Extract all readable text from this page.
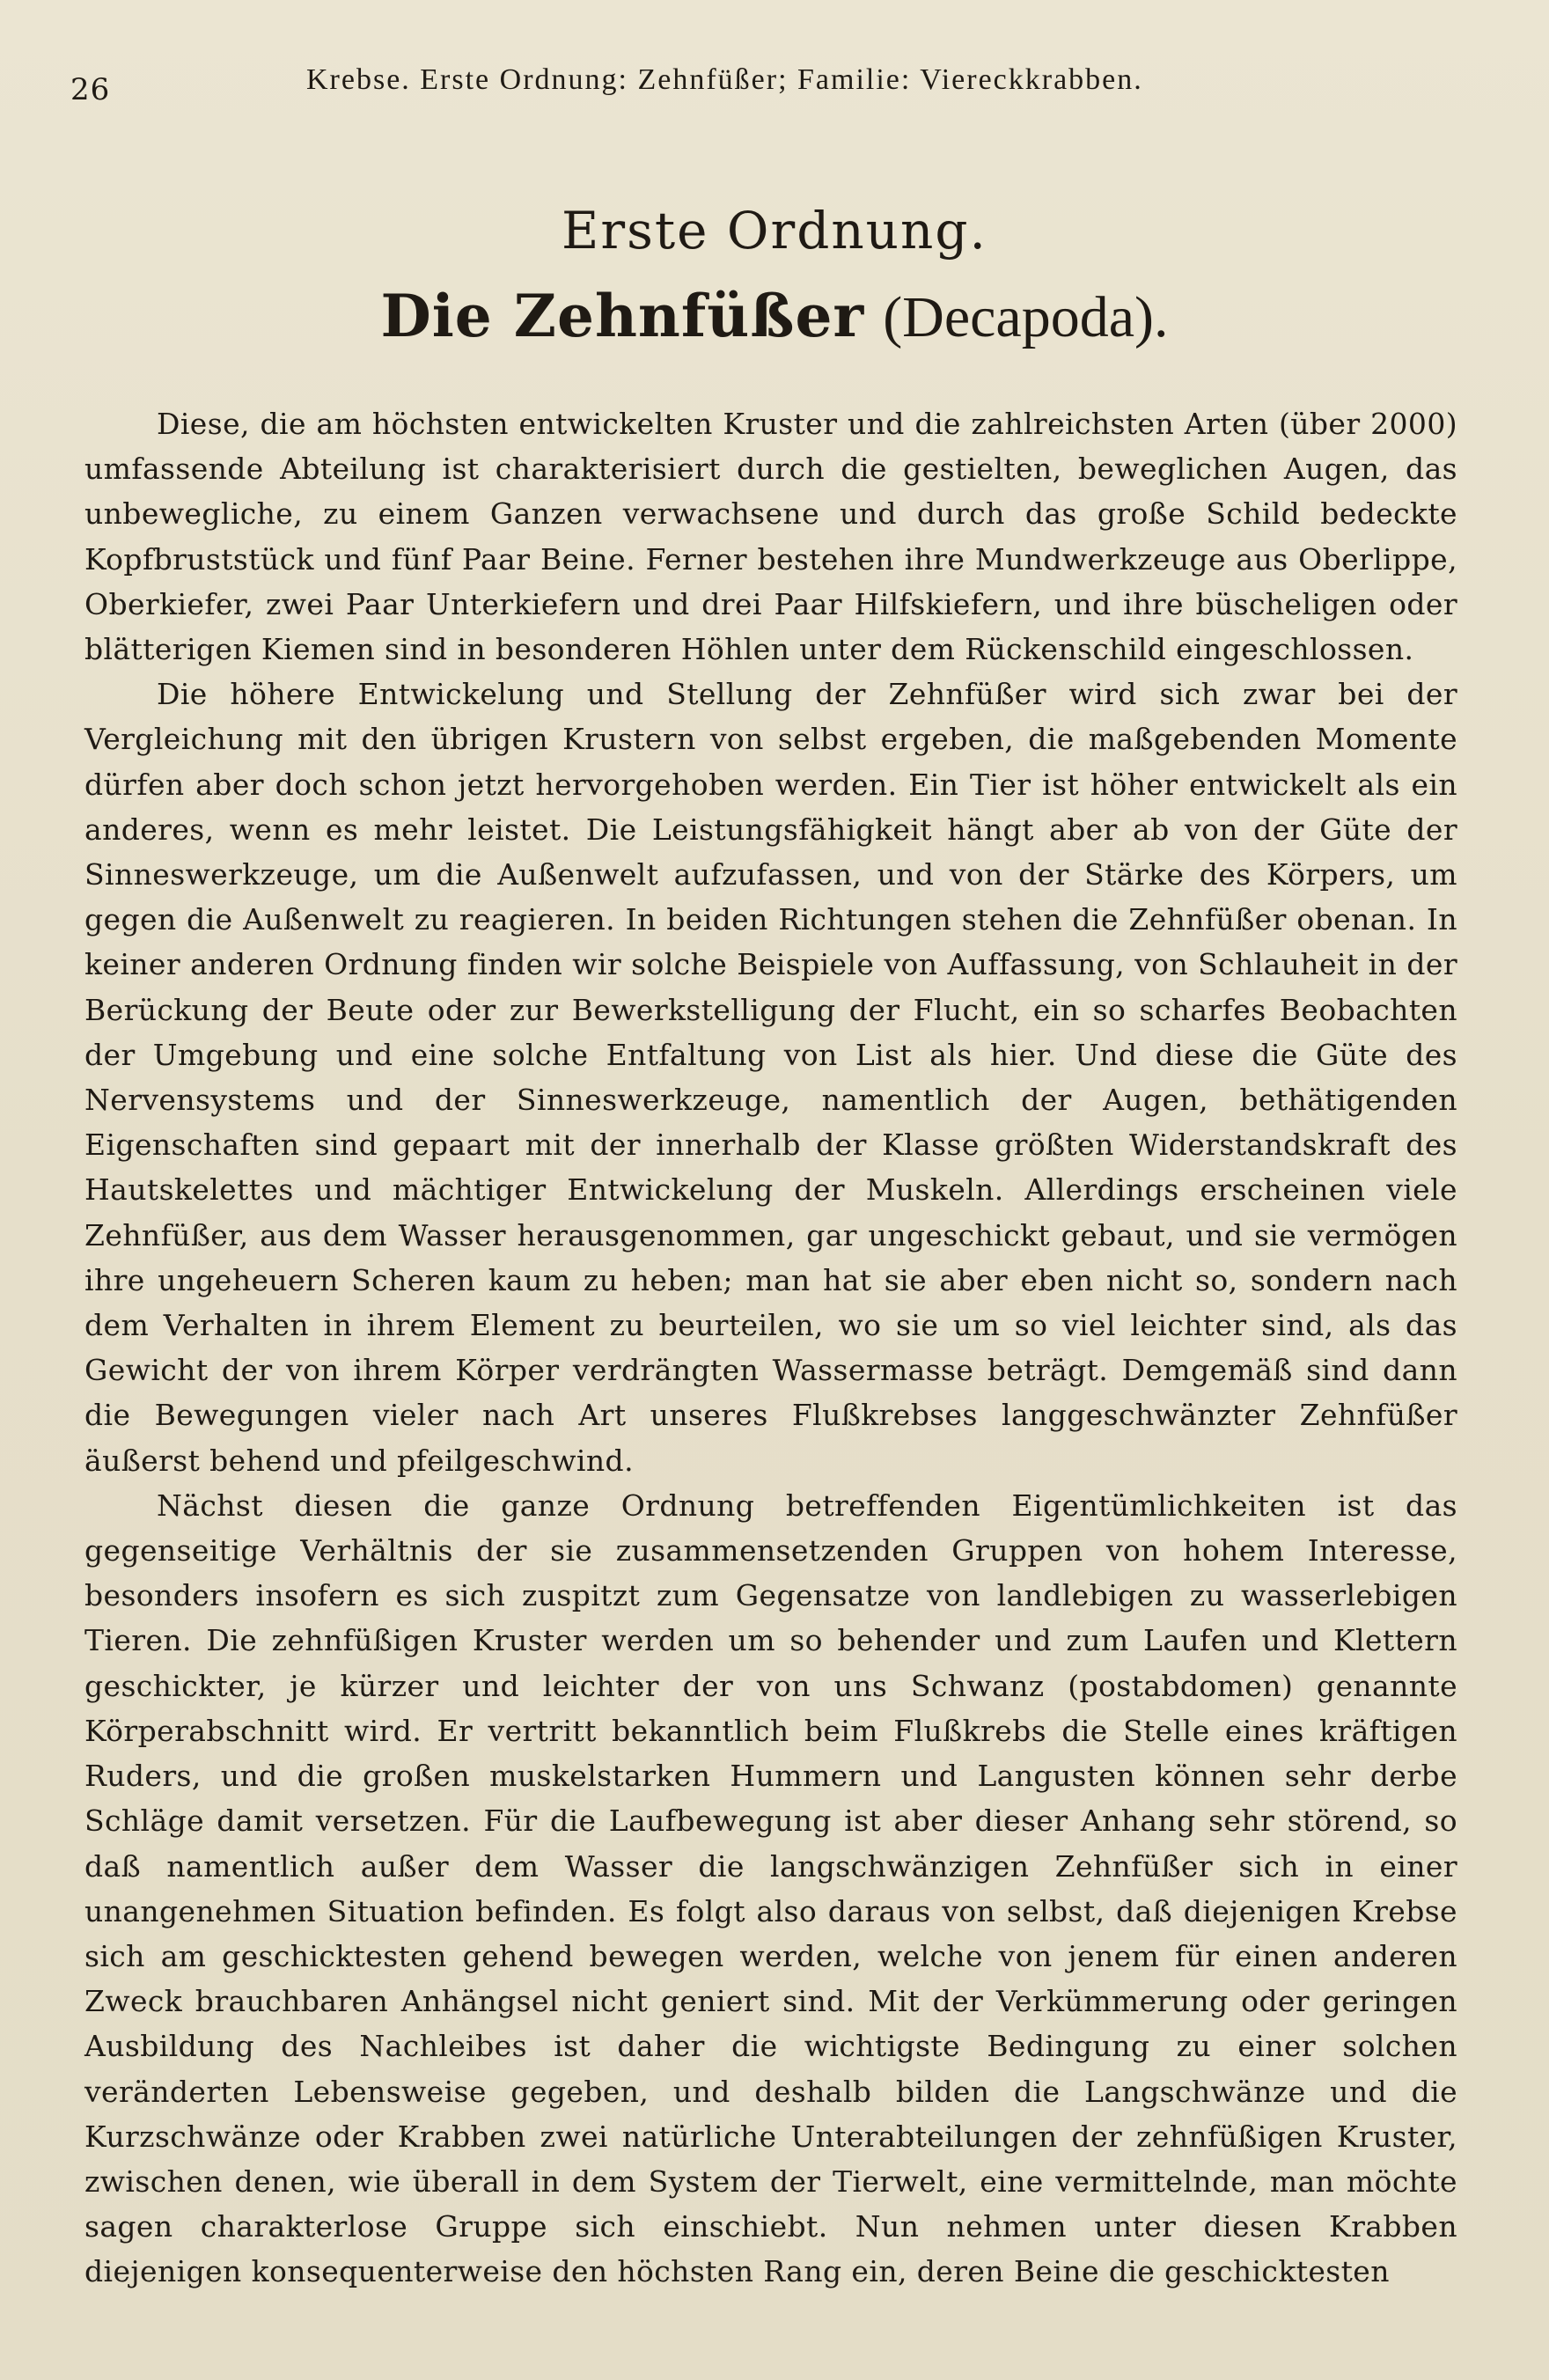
26	Krebse. Erste Ordnung: Zehnfüßer; Familie: Viereckkrabben.
Erste Ordnung.
Die Zehnfüßer (Decapoda).

Diese, die am höchsten entwickelten Kruster und die zahlreichsten Arten (über 2000) umfassende Abteilung ist charakterisiert durch die gestielten, beweglichen Augen, das unbewegliche, zu einem Ganzen verwachsene und durch das große Schild bedeckte Kopfbruststück und fünf Paar Beine. Ferner bestehen ihre Mundwerkzeuge aus Oberlippe, Oberkiefer, zwei Paar Unterkiefern und drei Paar Hilfskiefern, und ihre büscheligen oder blätterigen Kiemen sind in besonderen Höhlen unter dem Rückenschild eingeschlossen.

Die höhere Entwickelung und Stellung der Zehnfüßer wird sich zwar bei der Vergleichung mit den übrigen Krustern von selbst ergeben, die maßgebenden Momente dürfen aber doch schon jetzt hervorgehoben werden. Ein Tier ist höher entwickelt als ein anderes, wenn es mehr leistet. Die Leistungsfähigkeit hängt aber ab von der Güte der Sinneswerkzeuge, um die Außenwelt aufzufassen, und von der Stärke des Körpers, um gegen die Außenwelt zu reagieren. In beiden Richtungen stehen die Zehnfüßer obenan. In keiner anderen Ordnung finden wir solche Beispiele von Auffassung, von Schlauheit in der Berückung der Beute oder zur Bewerkstelligung der Flucht, ein so scharfes Beobachten der Umgebung und eine solche Entfaltung von List als hier. Und diese die Güte des Nervensystems und der Sinneswerkzeuge, namentlich der Augen, bethätigenden Eigenschaften sind gepaart mit der innerhalb der Klasse größten Widerstandskraft des Hautskelettes und mächtiger Entwickelung der Muskeln. Allerdings erscheinen viele Zehnfüßer, aus dem Wasser herausgenommen, gar ungeschickt gebaut, und sie vermögen ihre ungeheuern Scheren kaum zu heben; man hat sie aber eben nicht so, sondern nach dem Verhalten in ihrem Element zu beurteilen, wo sie um so viel leichter sind, als das Gewicht der von ihrem Körper verdrängten Wassermasse beträgt. Demgemäß sind dann die Bewegungen vieler nach Art unseres Flußkrebses langgeschwänzter Zehnfüßer äußerst behend und pfeilgeschwind.

Nächst diesen die ganze Ordnung betreffenden Eigentümlichkeiten ist das gegenseitige Verhältnis der sie zusammensetzenden Gruppen von hohem Interesse, besonders insofern es sich zuspitzt zum Gegensatze von landlebigen zu wasserlebigen Tieren. Die zehnfüßigen Kruster werden um so behender und zum Laufen und Klettern geschickter, je kürzer und leichter der von uns Schwanz (postabdomen) genannte Körperabschnitt wird. Er vertritt bekanntlich beim Flußkrebs die Stelle eines kräftigen Ruders, und die großen muskelstarken Hummern und Langusten können sehr derbe Schläge damit versetzen. Für die Laufbewegung ist aber dieser Anhang sehr störend, so daß namentlich außer dem Wasser die langschwänzigen Zehnfüßer sich in einer unangenehmen Situation befinden. Es folgt also daraus von selbst, daß diejenigen Krebse sich am geschicktesten gehend bewegen werden, welche von jenem für einen anderen Zweck brauchbaren Anhängsel nicht geniert sind. Mit der Verkümmerung oder geringen Ausbildung des Nachleibes ist daher die wichtigste Bedingung zu einer solchen veränderten Lebensweise gegeben, und deshalb bilden die Langschwänze und die Kurzschwänze oder Krabben zwei natürliche Unterabteilungen der zehnfüßigen Kruster, zwischen denen, wie überall in dem System der Tierwelt, eine vermittelnde, man möchte sagen charakterlose Gruppe sich einschiebt. Nun nehmen unter diesen Krabben diejenigen konsequenterweise den höchsten Rang ein, deren Beine die geschicktesten
